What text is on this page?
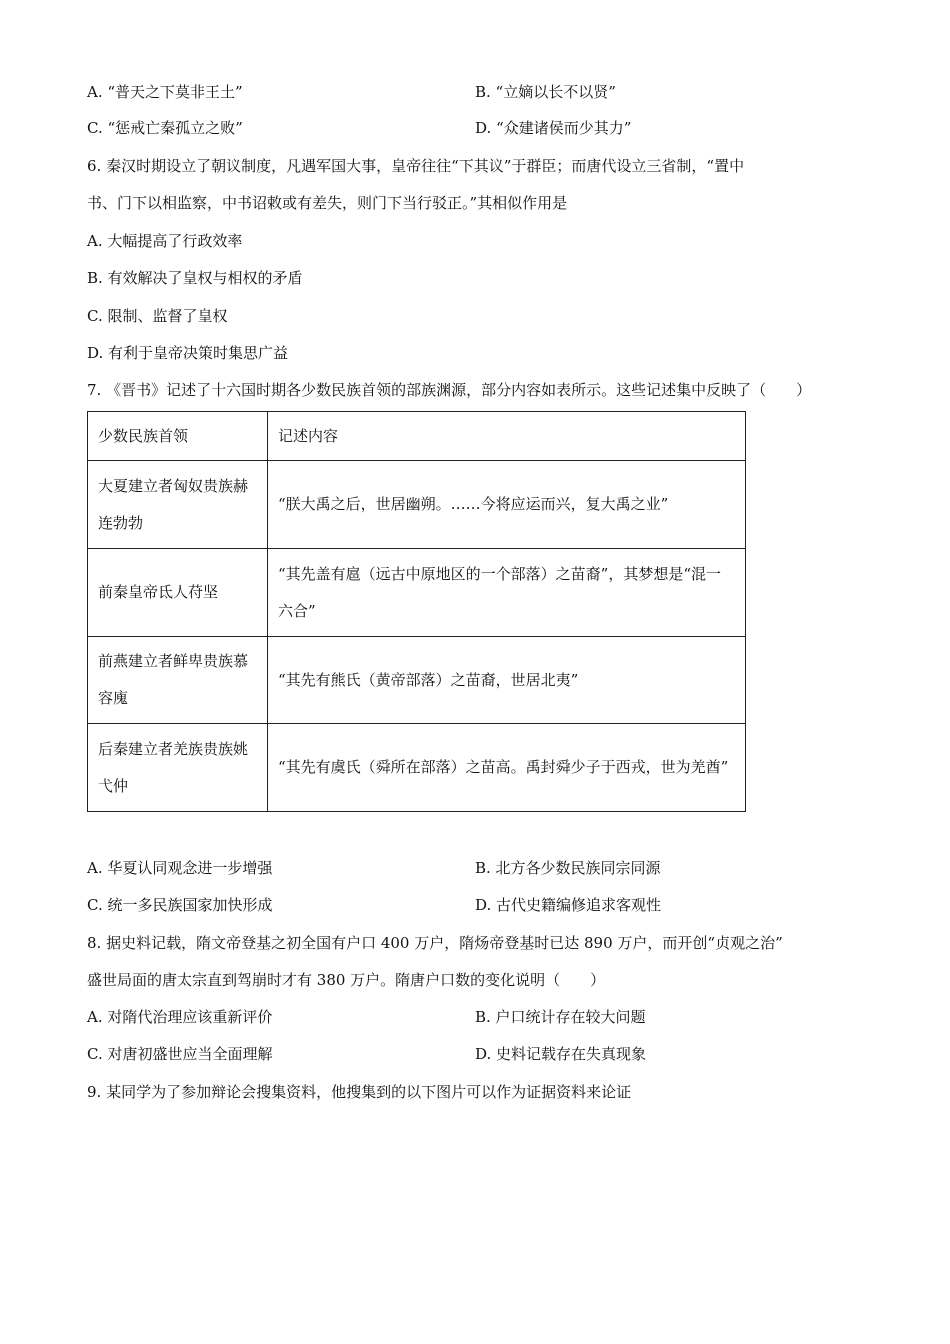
A. “普天之下莫非王土”	B. “立嫡以长不以贤”
C. “惩戒亡秦孤立之败”	D. “众建诸侯而少其力”
6. 秦汉时期设立了朝议制度，凡遇军国大事，皇帝往往“下其议”于群臣；而唐代设立三省制，“置中
书、门下以相监察，中书诏敕或有差失，则门下当行驳正。”其相似作用是
A. 大幅提高了行政效率
B. 有效解决了皇权与相权的矛盾
C. 限制、监督了皇权
D. 有利于皇帝决策时集思广益
7. 《晋书》记述了十六国时期各少数民族首领的部族渊源，部分内容如表所示。这些记述集中反映了（　　）
少数民族首领	记述内容
大夏建立者匈奴贵族赫连勃勃	“朕大禹之后，世居幽朔。……今将应运而兴，复大禹之业”
前秦皇帝氐人苻坚	“其先盖有扈（远古中原地区的一个部落）之苗裔”，其梦想是“混一六合”
前燕建立者鲜卑贵族慕容廆	“其先有熊氏（黄帝部落）之苗裔，世居北夷”
后秦建立者羌族贵族姚弋仲	“其先有虞氏（舜所在部落）之苗高。禹封舜少子于西戎，世为羌酋”
A. 华夏认同观念进一步增强	B. 北方各少数民族同宗同源
C. 统一多民族国家加快形成	D. 古代史籍编修追求客观性
8. 据史料记载，隋文帝登基之初全国有户口 400 万户，隋炀帝登基时已达 890 万户，而开创“贞观之治”
盛世局面的唐太宗直到驾崩时才有 380 万户。隋唐户口数的变化说明（　　）
A. 对隋代治理应该重新评价	B. 户口统计存在较大问题
C. 对唐初盛世应当全面理解	D. 史料记载存在失真现象
9. 某同学为了参加辩论会搜集资料，他搜集到的以下图片可以作为证据资料来论证
